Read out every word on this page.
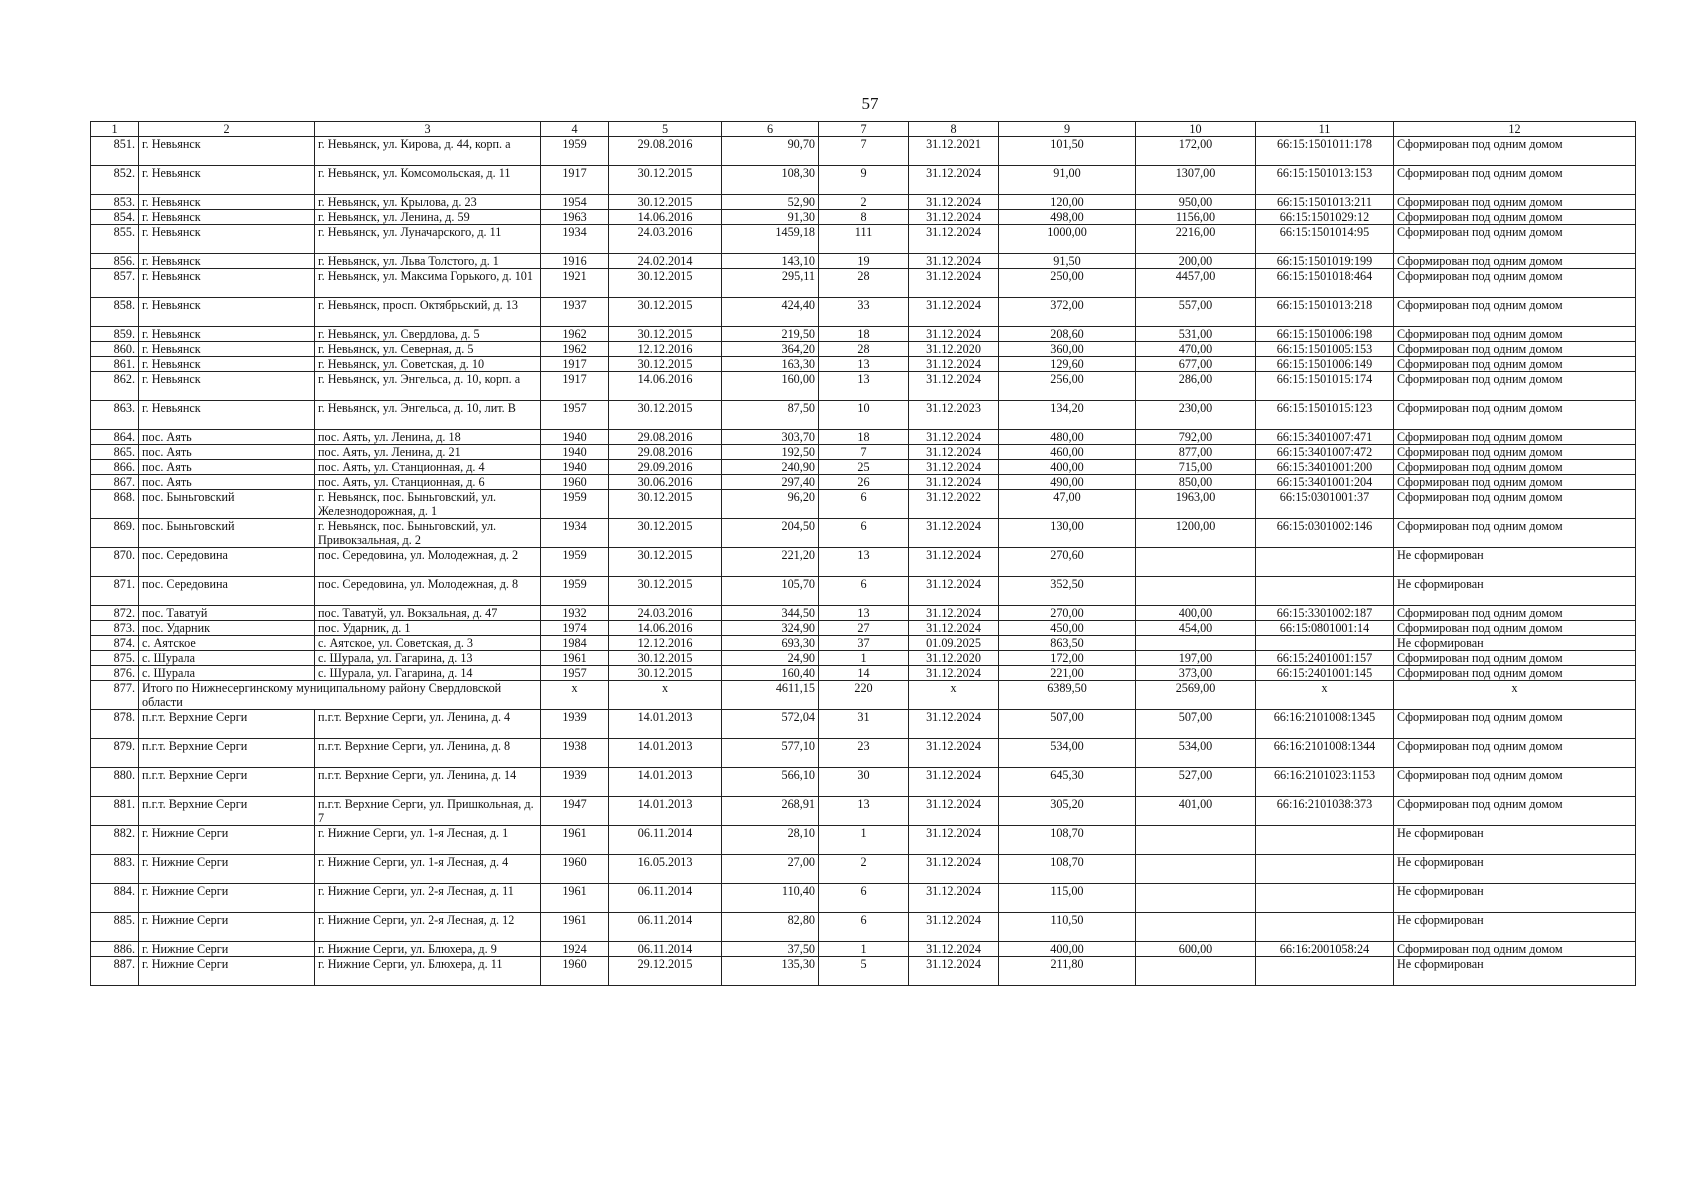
57
1	2	3	4	5	6	7	8	9	10	11	12
851.	г. Невьянск	г. Невьянск, ул. Кирова, д. 44, корп. а	1959	29.08.2016	90,70	7	31.12.2021	101,50	172,00	66:15:1501011:178	Сформирован под одним домом
852.	г. Невьянск	г. Невьянск, ул. Комсомольская, д. 11	1917	30.12.2015	108,30	9	31.12.2024	91,00	1307,00	66:15:1501013:153	Сформирован под одним домом
853.	г. Невьянск	г. Невьянск, ул. Крылова, д. 23	1954	30.12.2015	52,90	2	31.12.2024	120,00	950,00	66:15:1501013:211	Сформирован под одним домом
854.	г. Невьянск	г. Невьянск, ул. Ленина, д. 59	1963	14.06.2016	91,30	8	31.12.2024	498,00	1156,00	66:15:1501029:12	Сформирован под одним домом
855.	г. Невьянск	г. Невьянск, ул. Луначарского, д. 11	1934	24.03.2016	1459,18	111	31.12.2024	1000,00	2216,00	66:15:1501014:95	Сформирован под одним домом
856.	г. Невьянск	г. Невьянск, ул. Льва Толстого, д. 1	1916	24.02.2014	143,10	19	31.12.2024	91,50	200,00	66:15:1501019:199	Сформирован под одним домом
857.	г. Невьянск	г. Невьянск, ул. Максима Горького, д. 101	1921	30.12.2015	295,11	28	31.12.2024	250,00	4457,00	66:15:1501018:464	Сформирован под одним домом
858.	г. Невьянск	г. Невьянск, просп. Октябрьский, д. 13	1937	30.12.2015	424,40	33	31.12.2024	372,00	557,00	66:15:1501013:218	Сформирован под одним домом
859.	г. Невьянск	г. Невьянск, ул. Свердлова, д. 5	1962	30.12.2015	219,50	18	31.12.2024	208,60	531,00	66:15:1501006:198	Сформирован под одним домом
860.	г. Невьянск	г. Невьянск, ул. Северная, д. 5	1962	12.12.2016	364,20	28	31.12.2020	360,00	470,00	66:15:1501005:153	Сформирован под одним домом
861.	г. Невьянск	г. Невьянск, ул. Советская, д. 10	1917	30.12.2015	163,30	13	31.12.2024	129,60	677,00	66:15:1501006:149	Сформирован под одним домом
862.	г. Невьянск	г. Невьянск, ул. Энгельса, д. 10, корп. а	1917	14.06.2016	160,00	13	31.12.2024	256,00	286,00	66:15:1501015:174	Сформирован под одним домом
863.	г. Невьянск	г. Невьянск, ул. Энгельса, д. 10, лит. В	1957	30.12.2015	87,50	10	31.12.2023	134,20	230,00	66:15:1501015:123	Сформирован под одним домом
864.	пос. Аять	пос. Аять, ул. Ленина, д. 18	1940	29.08.2016	303,70	18	31.12.2024	480,00	792,00	66:15:3401007:471	Сформирован под одним домом
865.	пос. Аять	пос. Аять, ул. Ленина, д. 21	1940	29.08.2016	192,50	7	31.12.2024	460,00	877,00	66:15:3401007:472	Сформирован под одним домом
866.	пос. Аять	пос. Аять, ул. Станционная, д. 4	1940	29.09.2016	240,90	25	31.12.2024	400,00	715,00	66:15:3401001:200	Сформирован под одним домом
867.	пос. Аять	пос. Аять, ул. Станционная, д. 6	1960	30.06.2016	297,40	26	31.12.2024	490,00	850,00	66:15:3401001:204	Сформирован под одним домом
868.	пос. Быньговский	г. Невьянск, пос. Быньговский, ул. Железнодорожная, д. 1	1959	30.12.2015	96,20	6	31.12.2022	47,00	1963,00	66:15:0301001:37	Сформирован под одним домом
869.	пос. Быньговский	г. Невьянск, пос. Быньговский, ул. Привокзальная, д. 2	1934	30.12.2015	204,50	6	31.12.2024	130,00	1200,00	66:15:0301002:146	Сформирован под одним домом
870.	пос. Середовина	пос. Середовина, ул. Молодежная, д. 2	1959	30.12.2015	221,20	13	31.12.2024	270,60			Не сформирован
871.	пос. Середовина	пос. Середовина, ул. Молодежная, д. 8	1959	30.12.2015	105,70	6	31.12.2024	352,50			Не сформирован
872.	пос. Таватуй	пос. Таватуй, ул. Вокзальная, д. 47	1932	24.03.2016	344,50	13	31.12.2024	270,00	400,00	66:15:3301002:187	Сформирован под одним домом
873.	пос. Ударник	пос. Ударник, д. 1	1974	14.06.2016	324,90	27	31.12.2024	450,00	454,00	66:15:0801001:14	Сформирован под одним домом
874.	с. Аятское	с. Аятское, ул. Советская, д. 3	1984	12.12.2016	693,30	37	01.09.2025	863,50			Не сформирован
875.	с. Шурала	с. Шурала, ул. Гагарина, д. 13	1961	30.12.2015	24,90	1	31.12.2020	172,00	197,00	66:15:2401001:157	Сформирован под одним домом
876.	с. Шурала	с. Шурала, ул. Гагарина, д. 14	1957	30.12.2015	160,40	14	31.12.2024	221,00	373,00	66:15:2401001:145	Сформирован под одним домом
877.	Итого по Нижнесергинскому муниципальному району Свердловской области		x	x	4611,15	220	x	6389,50	2569,00	x	x
878.	п.г.т. Верхние Серги	п.г.т. Верхние Серги, ул. Ленина, д. 4	1939	14.01.2013	572,04	31	31.12.2024	507,00	507,00	66:16:2101008:1345	Сформирован под одним домом
879.	п.г.т. Верхние Серги	п.г.т. Верхние Серги, ул. Ленина, д. 8	1938	14.01.2013	577,10	23	31.12.2024	534,00	534,00	66:16:2101008:1344	Сформирован под одним домом
880.	п.г.т. Верхние Серги	п.г.т. Верхние Серги, ул. Ленина, д. 14	1939	14.01.2013	566,10	30	31.12.2024	645,30	527,00	66:16:2101023:1153	Сформирован под одним домом
881.	п.г.т. Верхние Серги	п.г.т. Верхние Серги, ул. Пришкольная, д. 7	1947	14.01.2013	268,91	13	31.12.2024	305,20	401,00	66:16:2101038:373	Сформирован под одним домом
882.	г. Нижние Серги	г. Нижние Серги, ул. 1-я Лесная, д. 1	1961	06.11.2014	28,10	1	31.12.2024	108,70			Не сформирован
883.	г. Нижние Серги	г. Нижние Серги, ул. 1-я Лесная, д. 4	1960	16.05.2013	27,00	2	31.12.2024	108,70			Не сформирован
884.	г. Нижние Серги	г. Нижние Серги, ул. 2-я Лесная, д. 11	1961	06.11.2014	110,40	6	31.12.2024	115,00			Не сформирован
885.	г. Нижние Серги	г. Нижние Серги, ул. 2-я Лесная, д. 12	1961	06.11.2014	82,80	6	31.12.2024	110,50			Не сформирован
886.	г. Нижние Серги	г. Нижние Серги, ул. Блюхера, д. 9	1924	06.11.2014	37,50	1	31.12.2024	400,00	600,00	66:16:2001058:24	Сформирован под одним домом
887.	г. Нижние Серги	г. Нижние Серги, ул. Блюхера, д. 11	1960	29.12.2015	135,30	5	31.12.2024	211,80			Не сформирован
